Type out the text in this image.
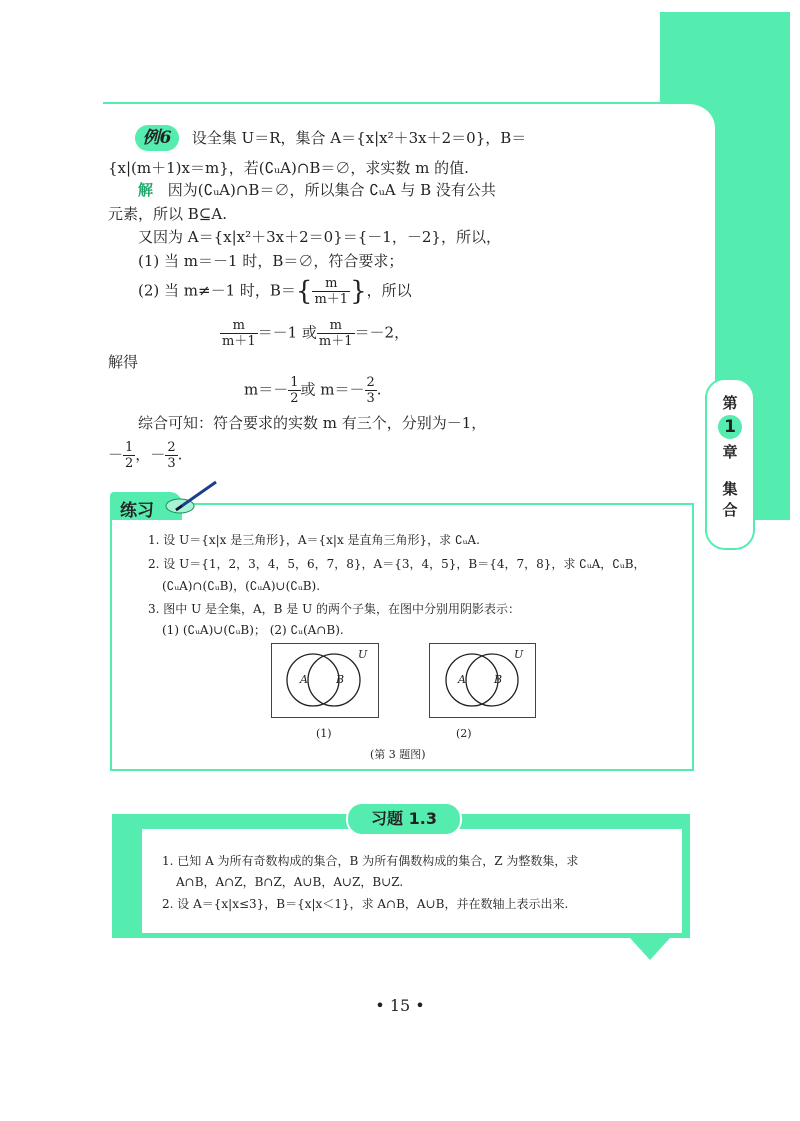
第
1
章
集
合
例6 设全集 U＝R，集合 A＝{x|x²＋3x＋2＝0}，B＝
{x|(m＋1)x＝m}，若(∁ᵤA)∩B＝∅，求实数 m 的值.
解 因为(∁ᵤA)∩B＝∅，所以集合 ∁ᵤA 与 B 没有公共
元素，所以 B⊆A.
又因为 A＝{x|x²＋3x＋2＝0}＝{－1，－2}，所以，
(1) 当 m＝－1 时，B＝∅，符合要求；
(2) 当 m≠－1 时，$B=\{ \frac{m}{m+1}$ }，所以
$\frac{m}{m+1} =-1$ 或 $\frac{m}{m+1} =-2$，
解得
$m=- \frac{1}{2}$ 或 $m=- \frac{2}{3}$ .
综合可知：符合要求的实数 m 有三个，分别为－1，
－ $\frac{1}{2}$ ，－ $\frac{2}{3}$ .
练习
1. 设 U＝{x|x 是三角形}，A＝{x|x 是直角三角形}，求 ∁ᵤA.
2. 设 U＝{1，2，3，4，5，6，7，8}，A＝{3，4，5}，B＝{4，7，8}，求 ∁ᵤA，∁ᵤB，
(∁ᵤA)∩(∁ᵤB)，(∁ᵤA)∪(∁ᵤB).
3. 图中 U 是全集，A，B 是 U 的两个子集，在图中分别用阴影表示：
(1) (∁ᵤA)∪(∁ᵤB)； (2) ∁ᵤ(A∩B).
U
A	B
(1)
U
A	B
(2)
(第 3 题图)
习题 1.3
1. 已知 A 为所有奇数构成的集合，B 为所有偶数构成的集合，Z 为整数集，求
A∩B，A∩Z，B∩Z，A∪B，A∪Z，B∪Z.
2. 设 A＝{x|x≤3}，B＝{x|x＜1}，求 A∩B，A∪B，并在数轴上表示出来.
• 15 •
